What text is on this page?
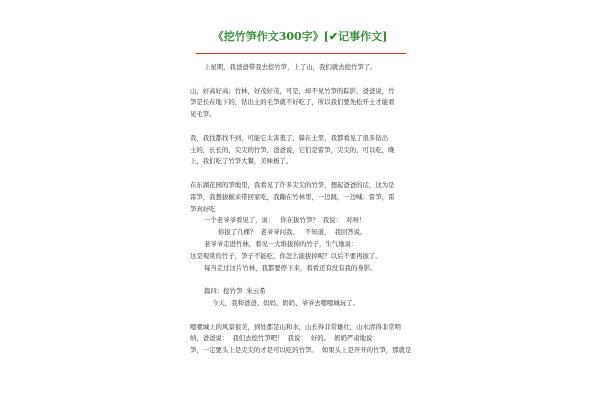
《挖竹笋作文300字》[✔记事作文]

上星期，我爸爸带我去挖竹笋，上了山，我们就去挖竹笋了。

山，好高好高；竹林，好茂好茂，可是，却不见竹笋的踪影，爸爸说，竹

笋是长在地下的，钻出土的毛笋就不好吃了，所以我们要先松开土才能看

见毛笋。

我，我找都找不到，可能它太害羞了，躲在土里，我都看见了很多钻出

土的，长长的，尖尖的竹笋，爸爸说，它们是雷笋，尖尖的，可以吃，晚

上，我们吃了竹笋大餐，美味极了。

在东湖花园的笋地里，我看见了许多尖尖的竹笋，想起爸爸的话，这为是

雷笋，我想拔掘来带回家吃，我蹦在竹林里，一边跳，一边喊：雷笋，雷

笋真好吃

一个老爷爷看见了，说：   你在拔竹笋？  我说：  对呀！

你拔了几棵？  老爷爷问我。   不知道，  我回答说。

老爷爷走进竹林，看见一大堆拔掉的竹子，生气地说：

这是观赏的竹子，笋子不能吃，你怎么能拔掉呢？以后不要再拔了。

每当走过这片竹林，我都要停下来，看看还有没有我的身影。

篇四：挖竹笋  朱云希

今天，我和爸爸、妈妈、奶奶、爷爷去嗯嗯城玩了。

嗯嗯城上的风景很美，到处都是山和水，山长得非常雄壮，山水清得非常明

纳，爸爸说：  我们去挖竹笋吧！  我说：  好的。  奶奶严肃地说：

笋，一定要头上是尖尖的才是可以吃的竹笋。  如果头上是开开的竹笋，那就是
